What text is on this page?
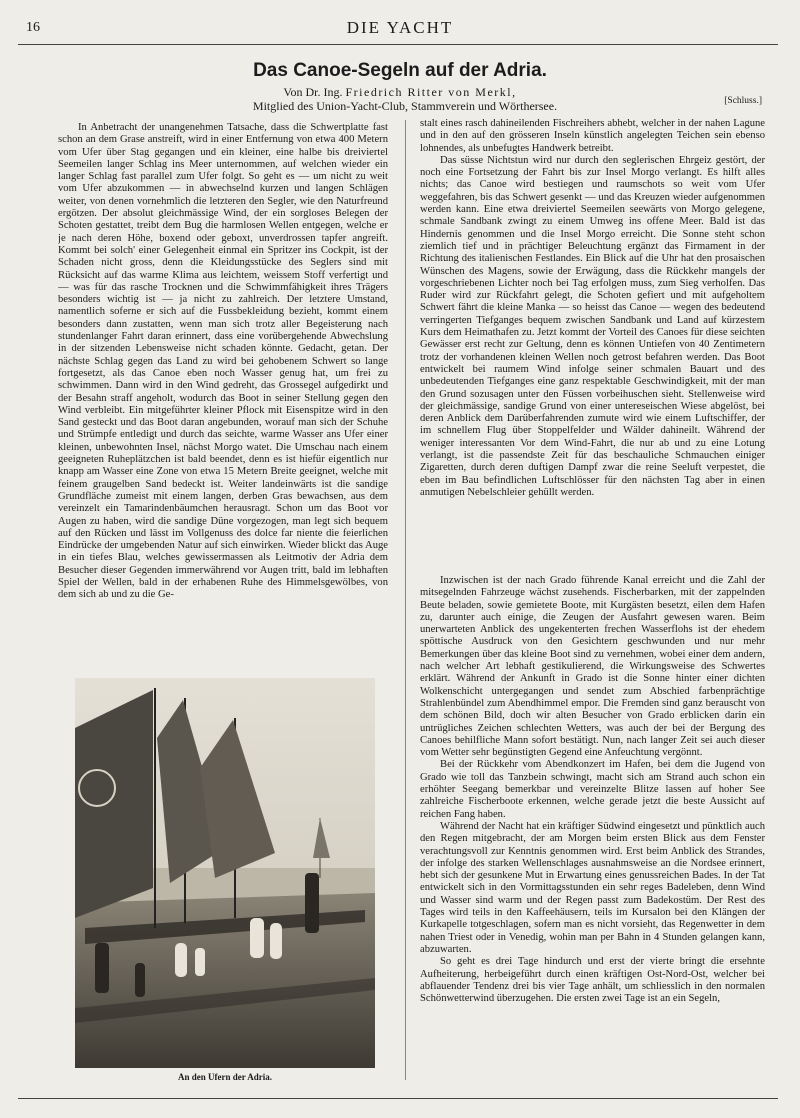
16	DIE YACHT
Das Canoe-Segeln auf der Adria.
Von Dr. Ing. Friedrich Ritter von Merkl,
Mitglied des Union-Yacht-Club, Stammverein und Wörthersee.	[Schluss.]

In Anbetracht der unangenehmen Tatsache, dass die Schwertplatte fast schon an dem Grase anstreift, wird in einer Entfernung von etwa 400 Metern vom Ufer über Stag gegangen und ein kleiner, eine halbe bis dreiviertel Seemeilen langer Schlag ins Meer unternommen, auf welchen wieder ein langer Schlag fast parallel zum Ufer folgt. So geht es — um nicht zu weit vom Ufer abzukommen — in abwechselnd kurzen und langen Schlägen weiter, von denen vornehmlich die letzteren den Segler, wie den Naturfreund ergötzen. Der absolut gleichmässige Wind, der ein sorgloses Belegen der Schoten gestattet, treibt dem Bug die harmlosen Wellen entgegen, welche er je nach deren Höhe, boxend oder geboxt, unverdrossen tapfer angreift. Kommt bei solch' einer Gelegenheit einmal ein Spritzer ins Cockpit, ist der Schaden nicht gross, denn die Kleidungsstücke des Seglers sind mit Rücksicht auf das warme Klima aus leichtem, weissem Stoff verfertigt und — was für das rasche Trocknen und die Schwimmfähigkeit ihres Trägers besonders wichtig ist — ja nicht zu zahlreich. Der letztere Umstand, namentlich soferne er sich auf die Fussbekleidung bezieht, kommt einem besonders dann zustatten, wenn man sich trotz aller Begeisterung nach stundenlanger Fahrt daran erinnert, dass eine vorübergehende Abwechslung in der sitzenden Lebensweise nicht schaden könnte. Gedacht, getan. Der nächste Schlag gegen das Land zu wird bei gehobenem Schwert so lange fortgesetzt, als das Canoe eben noch Wasser genug hat, um frei zu schwimmen. Dann wird in den Wind gedreht, das Grossegel aufgedirkt und der Besahn straff angeholt, wodurch das Boot in seiner Stellung gegen den Wind verbleibt. Ein mitgeführter kleiner Pflock mit Eisenspitze wird in den Sand gesteckt und das Boot daran angebunden, worauf man sich der Schuhe und Strümpfe entledigt und durch das seichte, warme Wasser ans Ufer einer kleinen, unbewohnten Insel, nächst Morgo watet. Die Umschau nach einem geeigneten Ruheplätzchen ist bald beendet, denn es ist hiefür eigentlich nur knapp am Wasser eine Zone von etwa 15 Metern Breite geeignet, welche mit feinem graugelben Sand bedeckt ist. Weiter landeinwärts ist die sandige Grundfläche zumeist mit einem langen, derben Gras bewachsen, aus dem vereinzelt ein Tamarindenbäumchen herausragt. Schon um das Boot vor Augen zu haben, wird die sandige Düne vorgezogen, man legt sich bequem auf den Rücken und lässt im Vollgenuss des dolce far niente die feierlichen Eindrücke der umgebenden Natur auf sich einwirken. Wieder blickt das Auge in ein tiefes Blau, welches gewissermassen als Leitmotiv der Adria dem Besucher dieser Gegenden immerwährend vor Augen tritt, bald im lebhaften Spiel der Wellen, bald in der erhabenen Ruhe des Himmelsgewölbes, von dem sich ab und zu die Ge-

stalt eines rasch dahineilenden Fischreihers abhebt, welcher in der nahen Lagune und in den auf den grösseren Inseln künstlich angelegten Teichen sein ebenso lohnendes, als unbefugtes Handwerk betreibt.

Das süsse Nichtstun wird nur durch den seglerischen Ehrgeiz gestört, der noch eine Fortsetzung der Fahrt bis zur Insel Morgo verlangt. Es hilft alles nichts; das Canoe wird bestiegen und raumschots so weit vom Ufer weggefahren, bis das Schwert gesenkt — und das Kreuzen wieder aufgenommen werden kann. Eine etwa dreiviertel Seemeilen seewärts von Morgo gelegene, schmale Sandbank zwingt zu einem Umweg ins offene Meer. Bald ist das Hindernis genommen und die Insel Morgo erreicht. Die Sonne steht schon ziemlich tief und in prächtiger Beleuchtung ergänzt das Firmament in der Richtung des italienischen Festlandes. Ein Blick auf die Uhr hat den prosaischen Wünschen des Magens, sowie der Erwägung, dass die Rückkehr mangels der vorgeschriebenen Lichter noch bei Tag erfolgen muss, zum Sieg verholfen. Das Ruder wird zur Rückfahrt gelegt, die Schoten gefiert und mit aufgeholtem Schwert fährt die kleine Manka — so heisst das Canoe — wegen des bedeutend verringerten Tiefganges bequem zwischen Sandbank und Land auf kürzestem Kurs dem Heimathafen zu. Jetzt kommt der Vorteil des Canoes für diese seichten Gewässer erst recht zur Geltung, denn es können Untiefen von 40 Zentimetern trotz der vorhandenen kleinen Wellen noch getrost befahren werden. Das Boot entwickelt bei raumem Wind infolge seiner schmalen Bauart und des unbedeutenden Tiefganges eine ganz respektable Geschwindigkeit, mit der man den Grund sozusagen unter den Füssen vorbeihuschen sieht. Stellenweise wird der gleichmässige, sandige Grund von einer untereseischen Wiese abgelöst, bei deren Anblick dem Darüberfahrenden zumute wird wie einem Luftschiffer, der im schnellem Flug über Stoppelfelder und Wälder dahineilt. Während der weniger interessanten Vor dem Wind-Fahrt, die nur ab und zu eine Lotung verlangt, ist die passendste Zeit für das beschauliche Schmauchen einiger Zigaretten, durch deren duftigen Dampf zwar die reine Seeluft verpestet, die eben im Bau befindlichen Luftschlösser für den nächsten Tag aber in einen anmutigen Nebelschleier gehüllt werden.

Inzwischen ist der nach Grado führende Kanal erreicht und die Zahl der mitsegelnden Fahrzeuge wächst zusehends. Fischerbarken, mit der zappelnden Beute beladen, sowie gemietete Boote, mit Kurgästen besetzt, eilen dem Hafen zu, darunter auch einige, die Zeugen der Ausfahrt gewesen waren. Beim unerwarteten Anblick des ungekenterten frechen Wasserflohs ist der ehedem spöttische Ausdruck von den Gesichtern geschwunden und nur mehr Bemerkungen über das kleine Boot sind zu vernehmen, wobei einer dem andern, nach welcher Art lebhaft gestikulierend, die Wirkungsweise des Schwertes erklärt. Während der Ankunft in Grado ist die Sonne hinter einer dichten Wolkenschicht untergegangen und sendet zum Abschied farbenprächtige Strahlenbündel zum Abendhimmel empor. Die Fremden sind ganz berauscht von dem schönen Bild, doch wir alten Besucher von Grado erblicken darin ein untrügliches Zeichen schlechten Wetters, was auch der bei der Bergung des Canoes behilfliche Mann sofort bestätigt. Nun, nach langer Zeit sei auch dieser vom Wetter sehr begünstigten Gegend eine Anfeuchtung vergönnt.

Bei der Rückkehr vom Abendkonzert im Hafen, bei dem die Jugend von Grado wie toll das Tanzbein schwingt, macht sich am Strand auch schon ein erhöhter Seegang bemerkbar und vereinzelte Blitze lassen auf hoher See zahlreiche Fischerboote erkennen, welche gerade jetzt die beste Aussicht auf reichen Fang haben.

Während der Nacht hat ein kräftiger Südwind eingesetzt und pünktlich auch den Regen mitgebracht, der am Morgen beim ersten Blick aus dem Fenster verachtungsvoll zur Kenntnis genommen wird. Erst beim Anblick des Strandes, der infolge des starken Wellenschlages ausnahmsweise an die Nordsee erinnert, hebt sich der gesunkene Mut in Erwartung eines genussreichen Bades. In der Tat entwickelt sich in den Vormittagsstunden ein sehr reges Badeleben, denn Wind und Wasser sind warm und der Regen passt zum Badekostüm. Der Rest des Tages wird teils in den Kaffeehäusern, teils im Kursalon bei den Klängen der Kurkapelle totgeschlagen, sofern man es nicht vorsieht, das Regenwetter in dem nahen Triest oder in Venedig, wohin man per Bahn in 4 Stunden gelangen kann, abzuwarten.

So geht es drei Tage hindurch und erst der vierte bringt die ersehnte Aufheiterung, herbeigeführt durch einen kräftigen Ost-Nord-Ost, welcher bei abflauender Tendenz drei bis vier Tage anhält, um schliesslich in den normalen Schönwetterwind überzugehen. Die ersten zwei Tage ist an ein Segeln,

An den Ufern der Adria.
